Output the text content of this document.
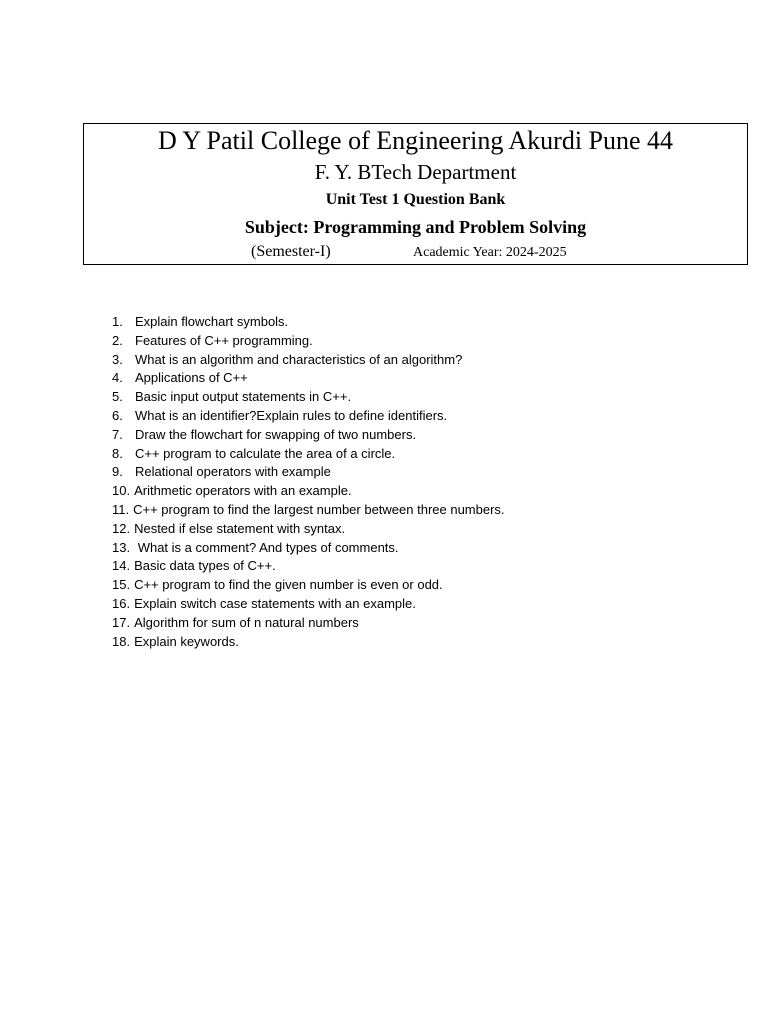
D Y Patil College of Engineering Akurdi Pune 44
F. Y. BTech Department
Unit Test 1 Question Bank
Subject: Programming and Problem Solving
(Semester-I)	Academic Year: 2024-2025
1. Explain flowchart symbols.
2. Features of C++ programming.
3. What is an algorithm and characteristics of an algorithm?
4. Applications of C++
5. Basic input output statements in C++.
6. What is an identifier?Explain rules to define identifiers.
7. Draw the flowchart for swapping of two numbers.
8. C++ program to calculate the area of a circle.
9. Relational operators with example
10. Arithmetic operators with an example.
11. C++ program to find the largest number between three numbers.
12. Nested if else statement with syntax.
13. What is a comment? And types of comments.
14. Basic data types of C++.
15. C++ program to find the given number is even or odd.
16. Explain switch case statements with an example.
17. Algorithm for sum of n natural numbers
18. Explain keywords.
